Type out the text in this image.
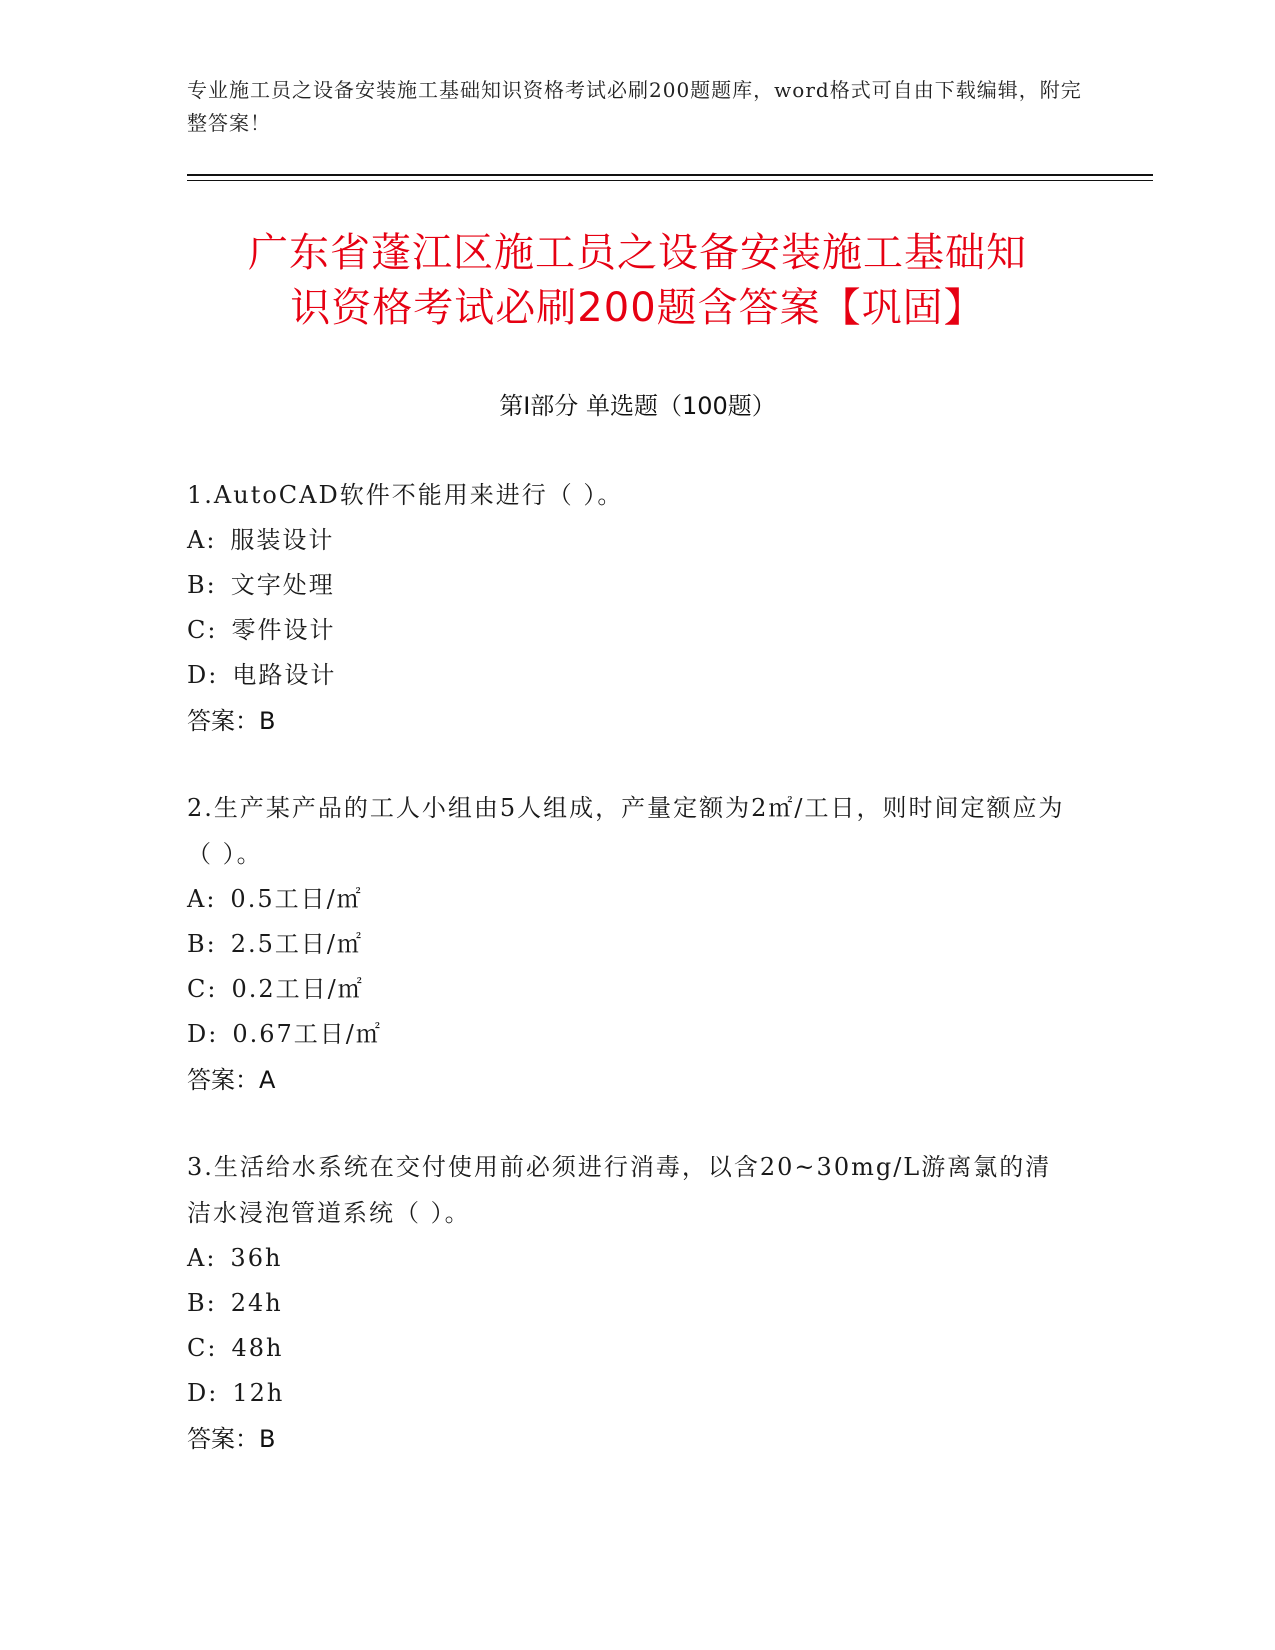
专业施工员之设备安装施工基础知识资格考试必刷200题题库，word格式可自由下载编辑，附完整答案！
广东省蓬江区施工员之设备安装施工基础知
识资格考试必刷200题含答案【巩固】
第Ⅰ部分 单选题（100题）
1.AutoCAD软件不能用来进行（ ）。
A: 服装设计
B: 文字处理
C: 零件设计
D: 电路设计
答案：B
2.生产某产品的工人小组由5人组成，产量定额为2㎡/工日，则时间定额应为（ ）。
A: 0.5工日/㎡
B: 2.5工日/㎡
C: 0.2工日/㎡
D: 0.67工日/㎡
答案：A
3.生活给水系统在交付使用前必须进行消毒，以含20~30mg/L游离氯的清洁水浸泡管道系统（ ）。
A: 36h
B: 24h
C: 48h
D: 12h
答案：B
